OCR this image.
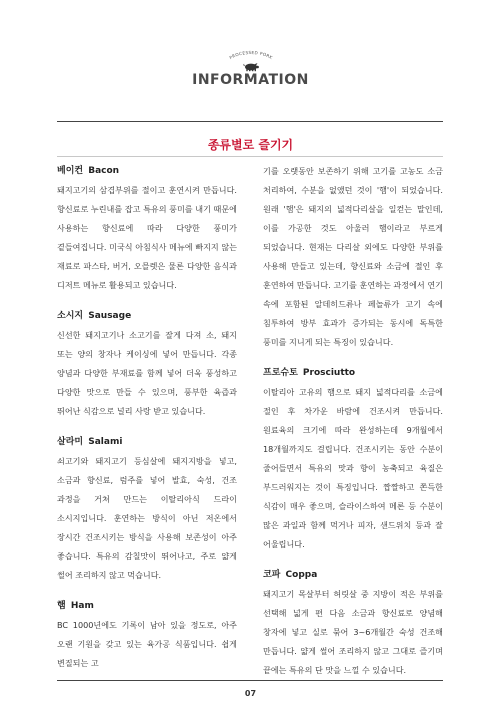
PROCESSED PORK
INFORMATION
종류별로 즐기기
베이컨 Bacon

돼지고기의 삼겹부위를 절이고 훈연시켜 만듭니다. 향신료로 누린내를 잡고 특유의 풍미를 내기 때문에 사용하는 향신료에 따라 다양한 풍미가 곁들여집니다. 미국식 아침식사 메뉴에 빠지지 않는 재료로 파스타, 버거, 오믈렛은 물론 다양한 음식과 디저트 메뉴로 활용되고 있습니다.

소시지 Sausage

신선한 돼지고기나 소고기를 잘게 다져 소, 돼지 또는 양의 창자나 케이싱에 넣어 만듭니다. 각종 양념과 다양한 부재료를 함께 넣어 더욱 풍성하고 다양한 맛으로 만들 수 있으며, 풍부한 육즙과 뛰어난 식감으로 널리 사랑 받고 있습니다.

살라미 Salami

쇠고기와 돼지고기 등심살에 돼지지방을 넣고, 소금과 향신료, 럼주를 넣어 발효, 숙성, 건조 과정을 거쳐 만드는 이탈리아식 드라이 소시지입니다. 훈연하는 방식이 아닌 저온에서 장시간 건조시키는 방식을 사용해 보존성이 아주 좋습니다. 특유의 감칠맛이 뛰어나고, 주로 얇게 썰어 조리하지 않고 먹습니다.

햄 Ham

BC 1000년에도 기록이 남아 있을 정도로, 아주 오랜 기원을 갖고 있는 육가공 식품입니다. 쉽게 변질되는 고

기를 오랫동안 보존하기 위해 고기를 고농도 소금 처리하여, 수분을 없앴던 것이 '햄'이 되었습니다. 원래 '햄'은 돼지의 넓적다리살을 일컫는 말인데, 이를 가공한 것도 아울러 햄이라고 부르게 되었습니다. 현재는 다리살 외에도 다양한 부위를 사용해 만들고 있는데, 향신료와 소금에 절인 후 훈연하여 만듭니다. 고기를 훈연하는 과정에서 연기 속에 포함된 알데히드류나 페놀류가 고기 속에 침투하여 방부 효과가 증가되는 동시에 독특한 풍미를 지니게 되는 특징이 있습니다.

프로슈토 Prosciutto

이탈리아 고유의 햄으로 돼지 넓적다리를 소금에 절인 후 차가운 바람에 건조시켜 만듭니다. 원료육의 크기에 따라 완성하는데 9개월에서 18개월까지도 걸립니다. 건조시키는 동안 수분이 줄어들면서 특유의 맛과 향이 농축되고 육질은 부드러워지는 것이 특징입니다. 짭짤하고 쫀득한 식감이 매우 좋으며, 슬라이스하여 메론 등 수분이 많은 과일과 함께 먹거나 피자, 샌드위치 등과 잘 어울립니다.

코파 Coppa

돼지고기 목살부터 허릿살 중 지방이 적은 부위를 선택해 넓게 편 다음 소금과 향신료로 양념해 창자에 넣고 실로 묶어 3~6개월간 숙성 건조해 만듭니다. 얇게 썰어 조리하지 않고 그대로 즐기며 끝에는 특유의 단 맛을 느낄 수 있습니다.

07
